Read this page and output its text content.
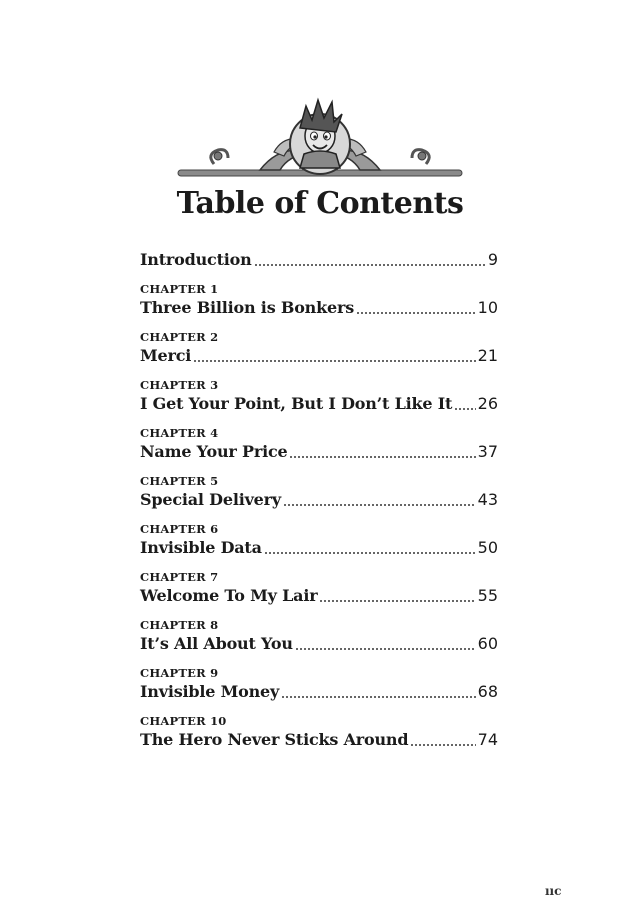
Table of Contents
Introduction	9
CHAPTER 1
Three Billion is Bonkers	10
CHAPTER 2
Merci	21
CHAPTER 3
I Get Your Point, But I Don’t Like It 26
CHAPTER 4
Name Your Price	37
CHAPTER 5
Special Delivery	43
CHAPTER 6
Invisible Data	50
CHAPTER 7
Welcome To My Lair	55
CHAPTER 8
It’s All About You	60
CHAPTER 9
Invisible Money	68
CHAPTER 10
The Hero Never Sticks Around	74
ııc
